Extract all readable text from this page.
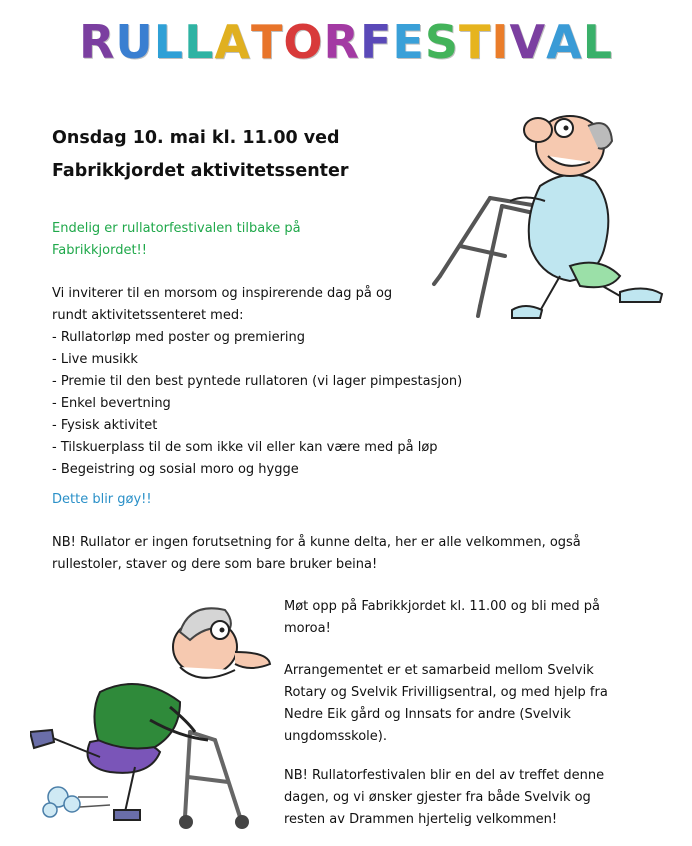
RULLATORFESTIVAL
Onsdag 10. mai kl. 11.00 ved
Fabrikkjordet aktivitetssenter
Endelig er rullatorfestivalen tilbake på
Fabrikkjordet!!
Vi inviterer til en morsom og inspirerende dag på og
rundt aktivitetssenteret med:
- Rullatorløp med poster og premiering
- Live musikk
- Premie til den best pyntede rullatoren (vi lager pimpestasjon)
- Enkel bevertning
- Fysisk aktivitet
- Tilskuerplass til de som ikke vil eller kan være med på løp
- Begeistring og sosial moro og hygge
Dette blir gøy!!
NB! Rullator er ingen forutsetning for å kunne delta, her er alle velkommen, også
rullestoler, staver og dere som bare bruker beina!
Møt opp på Fabrikkjordet kl. 11.00 og bli med på
moroa!
Arrangementet er et samarbeid mellom Svelvik
Rotary og Svelvik Frivilligsentral, og med hjelp fra
Nedre Eik gård og Innsats for andre (Svelvik
ungdomsskole).
NB! Rullatorfestivalen blir en del av treffet denne
dagen, og vi ønsker gjester fra både Svelvik og
resten av Drammen hjertelig velkommen!
